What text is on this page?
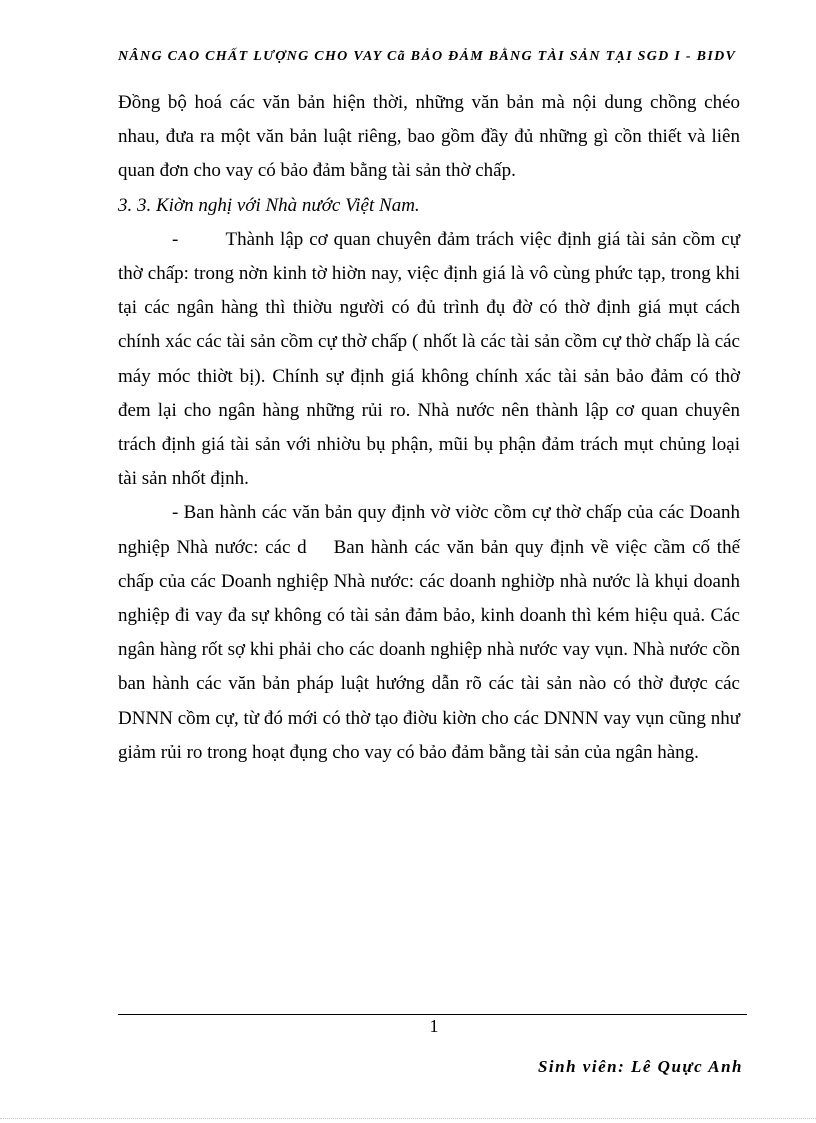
NÂNG CAO CHẤT LƯỢNG CHO VAY Cã BẢO ĐẢM BẰNG TÀI SẢN TẠI SGD I - BIDV

Đồng bộ hoá các văn bản hiện thời, những văn bản mà nội dung chồng chéo nhau, đưa ra một văn bản luật riêng, bao gồm đầy đủ những gì cồn thiết và liên quan đơn cho vay có bảo đảm bằng tài sản thờ chấp.

3. 3. Kiờn nghị với Nhà nước Việt Nam.

-        Thành lập cơ quan chuyên đảm trách việc định giá tài sản cồm cự thờ chấp: trong nờn kinh tờ hiờn nay, việc định giá là vô cùng phức tạp, trong khi tại các ngân hàng thì thiờu người có đủ trình đụ đờ có thờ định giá mụt cách chính xác các tài sản cồm cự thờ chấp ( nhốt là các tài sản cồm cự thờ chấp là các máy móc thiờt bị). Chính sự định giá không chính xác tài sản bảo đảm có thờ đem lại cho ngân hàng những rủi ro. Nhà nước nên thành lập cơ quan chuyên trách định giá tài sản với nhiờu bụ phận, mũi bụ phận đảm trách mụt chủng loại tài sản nhốt định.

- Ban hành các văn bản quy định vờ viờc cồm cự thờ chấp của các Doanh nghiệp Nhà nước: các d    Ban hành các văn bản quy định về việc cầm cố thế chấp của các Doanh nghiệp Nhà nước: các doanh nghiờp nhà nước là khụi doanh nghiệp đi vay đa sự không có tài sản đảm bảo, kinh doanh thì kém hiệu quả. Các ngân hàng rốt sợ khi phải cho các doanh nghiệp nhà nước vay vụn. Nhà nước cồn ban hành các văn bản pháp luật hướng dẫn rõ các tài sản nào có thờ được các DNNN cồm cự, từ đó mới có thờ tạo điờu kiờn cho các DNNN vay vụn cũng như giảm rủi ro trong hoạt đụng cho vay có bảo đảm bằng tài sản của ngân hàng.

1
Sinh viên: Lê Quực Anh
